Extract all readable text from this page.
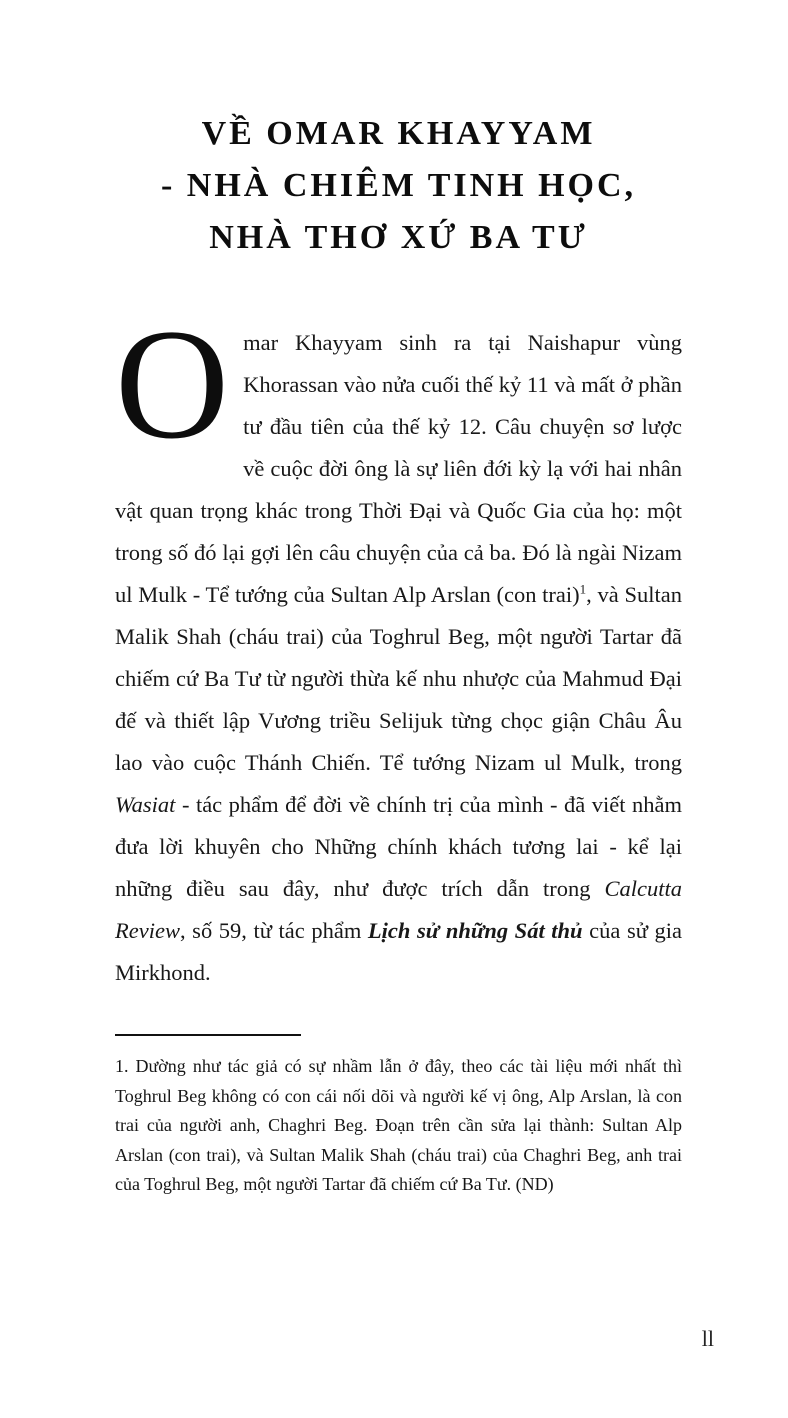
VỀ OMAR KHAYYAM
- NHÀ CHIÊM TINH HỌC,
NHÀ THƠ XỨ BA TƯ

Omar Khayyam sinh ra tại Naishapur vùng Khorassan vào nửa cuối thế kỷ 11 và mất ở phần tư đầu tiên của thế kỷ 12. Câu chuyện sơ lược về cuộc đời ông là sự liên đới kỳ lạ với hai nhân vật quan trọng khác trong Thời Đại và Quốc Gia của họ: một trong số đó lại gợi lên câu chuyện của cả ba. Đó là ngài Nizam ul Mulk - Tể tướng của Sultan Alp Arslan (con trai)$^1$, và Sultan Malik Shah (cháu trai) của Toghrul Beg, một người Tartar đã chiếm cứ Ba Tư từ người thừa kế nhu nhược của Mahmud Đại đế và thiết lập Vương triều Selijuk từng chọc giận Châu Âu lao vào cuộc Thánh Chiến. Tể tướng Nizam ul Mulk, trong Wasiat - tác phẩm để đời về chính trị của mình - đã viết nhằm đưa lời khuyên cho Những chính khách tương lai - kể lại những điều sau đây, như được trích dẫn trong Calcutta Review, số 59, từ tác phẩm Lịch sử những Sát thủ của sử gia Mirkhond.

1. Dường như tác giả có sự nhầm lẫn ở đây, theo các tài liệu mới nhất thì Toghrul Beg không có con cái nối dõi và người kế vị ông, Alp Arslan, là con trai của người anh, Chaghri Beg. Đoạn trên cần sửa lại thành: Sultan Alp Arslan (con trai), và Sultan Malik Shah (cháu trai) của Chaghri Beg, anh trai của Toghrul Beg, một người Tartar đã chiếm cứ Ba Tư. (ND)

ll
